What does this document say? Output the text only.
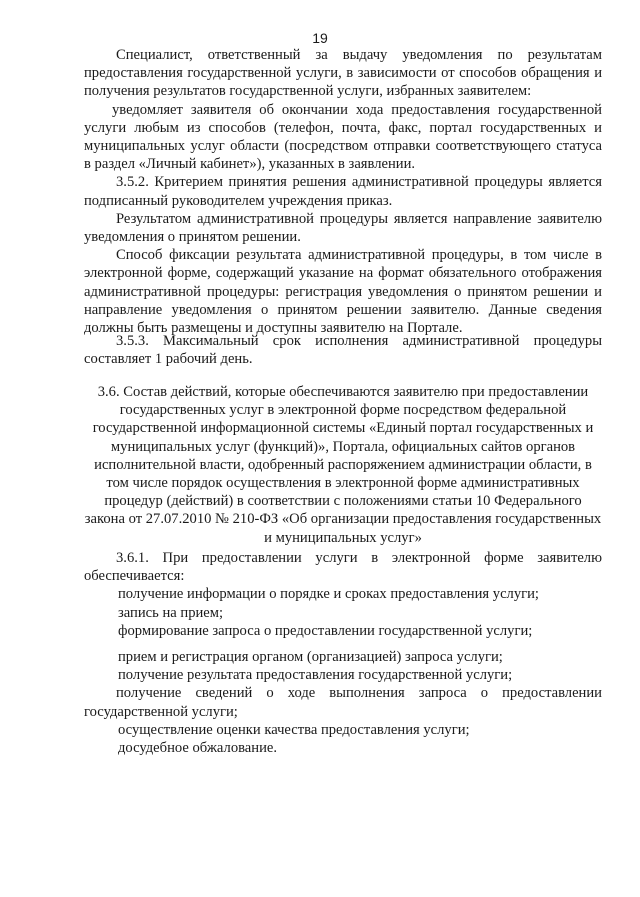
19

Специалист, ответственный за выдачу уведомления по результатам предоставления государственной услуги, в зависимости от способов обращения и получения результатов государственной услуги, избранных заявителем:

уведомляет заявителя об окончании хода предоставления государственной услуги любым из способов (телефон, почта, факс, портал государственных и муниципальных услуг области (посредством отправки соответствующего статуса в раздел «Личный кабинет»), указанных в заявлении.

3.5.2. Критерием принятия решения административной процедуры является подписанный руководителем учреждения приказ.

Результатом административной процедуры является направление заявителю уведомления о принятом решении.

Способ фиксации результата административной процедуры, в том числе в электронной форме, содержащий указание на формат обязательного отображения административной процедуры: регистрация уведомления о принятом решении и направление уведомления о принятом решении заявителю. Данные сведения должны быть размещены и доступны заявителю на Портале.

3.5.3. Максимальный срок исполнения административной процедуры составляет 1 рабочий день.

3.6. Состав действий, которые обеспечиваются заявителю при предоставлении государственных услуг в электронной форме посредством федеральной государственной информационной системы «Единый портал государственных и муниципальных услуг (функций)», Портала, официальных сайтов органов исполнительной власти, одобренный распоряжением администрации области, в том числе порядок осуществления в электронной форме административных процедур (действий) в соответствии с положениями статьи 10 Федерального закона от 27.07.2010 № 210-ФЗ «Об организации предоставления государственных и муниципальных услуг»

3.6.1. При предоставлении услуги в электронной форме заявителю обеспечивается:

получение информации о порядке и сроках предоставления услуги;

запись на прием;

формирование запроса о предоставлении государственной услуги;

прием и регистрация органом (организацией) запроса услуги;

получение результата предоставления государственной услуги;

получение сведений о ходе выполнения запроса о предоставлении государственной услуги;

осуществление оценки качества предоставления услуги;

досудебное обжалование.
